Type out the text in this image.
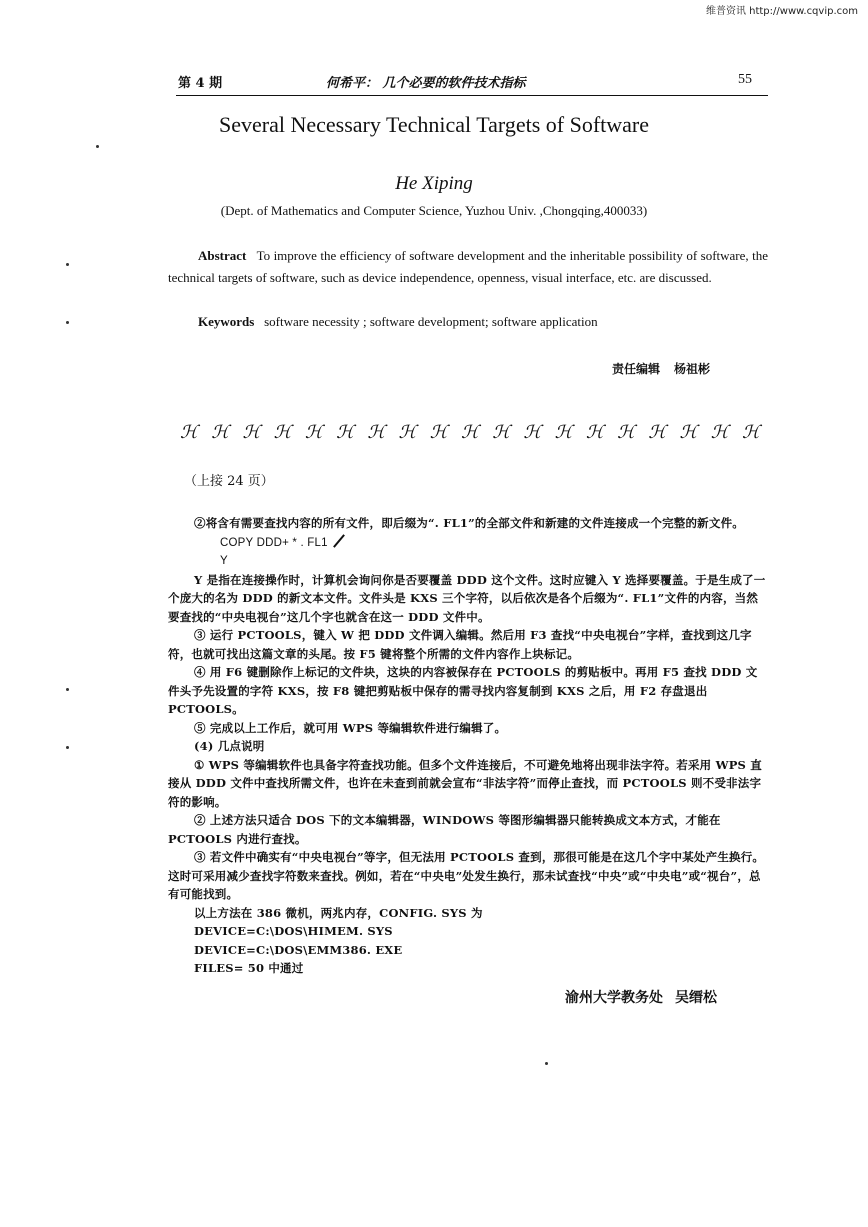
维普资讯 http://www.cqvip.com
第 4 期	何希平： 几个必要的软件技术指标	55
Several Necessary Technical Targets of Software
He Xiping
(Dept. of Mathematics and Computer Science, Yuzhou Univ. ,Chongqing,400033)
Abstract To improve the efficiency of software development and the inheritable possibility of software, the technical targets of software, such as device independence, openness, visual interface, etc. are discussed.
Keywords software necessity ; software development; software application
责任编辑 杨祖彬
ℋ ℋ ℋ ℋ ℋ ℋ ℋ ℋ ℋ ℋ ℋ ℋ ℋ ℋ ℋ ℋ ℋ ℋ ℋ
（上接 24 页）

②将含有需要查找内容的所有文件，即后缀为“. FL1”的全部文件和新建的文件连接成一个完整的新文件。

COPY DDD+ * . FL1

Y

Y 是指在连接操作时，计算机会询问你是否要覆盖 DDD 这个文件。这时应键入 Y 选择要覆盖。于是生成了一个庞大的名为 DDD 的新文本文件。文件头是 KXS 三个字符，以后依次是各个后缀为“. FL1”文件的内容，当然要查找的“中央电视台”这几个字也就含在这一 DDD 文件中。

③ 运行 PCTOOLS，键入 W 把 DDD 文件调入编辑。然后用 F3 查找“中央电视台”字样，查找到这几字符，也就可找出这篇文章的头尾。按 F5 键将整个所需的文件内容作上块标记。

④ 用 F6 键删除作上标记的文件块，这块的内容被保存在 PCTOOLS 的剪贴板中。再用 F5 查找 DDD 文件头予先设置的字符 KXS，按 F8 键把剪贴板中保存的需寻找内容复制到 KXS 之后，用 F2 存盘退出 PCTOOLS。

⑤ 完成以上工作后，就可用 WPS 等编辑软件进行编辑了。

(4) 几点说明

① WPS 等编辑软件也具备字符查找功能。但多个文件连接后，不可避免地将出现非法字符。若采用 WPS 直接从 DDD 文件中查找所需文件，也许在未查到前就会宣布“非法字符”而停止查找，而 PCTOOLS 则不受非法字符的影响。

② 上述方法只适合 DOS 下的文本编辑器，WINDOWS 等图形编辑器只能转换成文本方式，才能在 PCTOOLS 内进行查找。

③ 若文件中确实有“中央电视台”等字，但无法用 PCTOOLS 查到，那很可能是在这几个字中某处产生换行。这时可采用减少查找字符数来查找。例如，若在“中央电”处发生换行，那未试查找“中央”或“中央电”或“视台”，总有可能找到。

以上方法在 386 微机，两兆内存，CONFIG. SYS 为

DEVICE=C:\DOS\HIMEM. SYS

DEVICE=C:\DOS\EMM386. EXE

FILES= 50 中通过

渝州大学教务处 吴缙松
